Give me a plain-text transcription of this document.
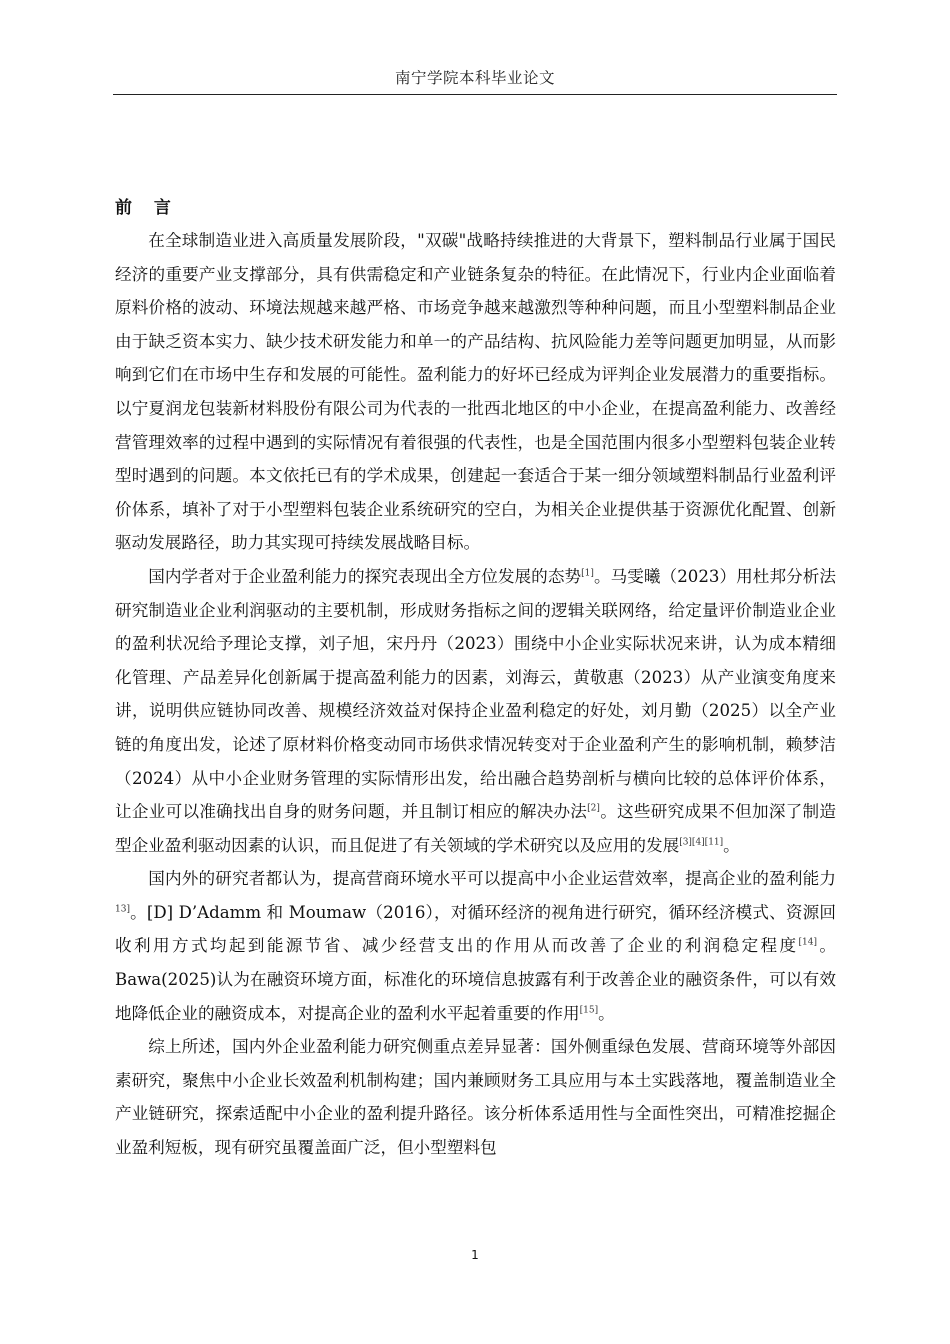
南宁学院本科毕业论文
前 言

在全球制造业进入高质量发展阶段，"双碳"战略持续推进的大背景下，塑料制品行业属于国民经济的重要产业支撑部分，具有供需稳定和产业链条复杂的特征。在此情况下，行业内企业面临着原料价格的波动、环境法规越来越严格、市场竞争越来越激烈等种种问题，而且小型塑料制品企业由于缺乏资本实力、缺少技术研发能力和单一的产品结构、抗风险能力差等问题更加明显，从而影响到它们在市场中生存和发展的可能性。盈利能力的好坏已经成为评判企业发展潜力的重要指标。以宁夏润龙包装新材料股份有限公司为代表的一批西北地区的中小企业，在提高盈利能力、改善经营管理效率的过程中遇到的实际情况有着很强的代表性，也是全国范围内很多小型塑料包装企业转型时遇到的问题。本文依托已有的学术成果，创建起一套适合于某一细分领域塑料制品行业盈利评价体系，填补了对于小型塑料包装企业系统研究的空白，为相关企业提供基于资源优化配置、创新驱动发展路径，助力其实现可持续发展战略目标。

国内学者对于企业盈利能力的探究表现出全方位发展的态势[1]。马雯曦（2023）用杜邦分析法研究制造业企业利润驱动的主要机制，形成财务指标之间的逻辑关联网络，给定量评价制造业企业的盈利状况给予理论支撑，刘子旭，宋丹丹（2023）围绕中小企业实际状况来讲，认为成本精细化管理、产品差异化创新属于提高盈利能力的因素，刘海云，黄敬惠（2023）从产业演变角度来讲，说明供应链协同改善、规模经济效益对保持企业盈利稳定的好处，刘月勤（2025）以全产业链的角度出发，论述了原材料价格变动同市场供求情况转变对于企业盈利产生的影响机制，赖梦洁（2024）从中小企业财务管理的实际情形出发，给出融合趋势剖析与横向比较的总体评价体系，让企业可以准确找出自身的财务问题，并且制订相应的解决办法[2]。这些研究成果不但加深了制造型企业盈利驱动因素的认识，而且促进了有关领域的学术研究以及应用的发展[3][4][11]。

国内外的研究者都认为，提高营商环境水平可以提高中小企业运营效率，提高企业的盈利能力$^{13]}$。[D] D’Adamm 和 Moumaw（2016），对循环经济的视角进行研究，循环经济模式、资源回收利用方式均起到能源节省、减少经营支出的作用从而改善了企业的利润稳定程度[14]。Bawa(2025)认为在融资环境方面，标准化的环境信息披露有利于改善企业的融资条件，可以有效地降低企业的融资成本，对提高企业的盈利水平起着重要的作用[15]。

综上所述，国内外企业盈利能力研究侧重点差异显著：国外侧重绿色发展、营商环境等外部因素研究，聚焦中小企业长效盈利机制构建；国内兼顾财务工具应用与本土实践落地，覆盖制造业全产业链研究，探索适配中小企业的盈利提升路径。该分析体系适用性与全面性突出，可精准挖掘企业盈利短板，现有研究虽覆盖面广泛，但小型塑料包

1
